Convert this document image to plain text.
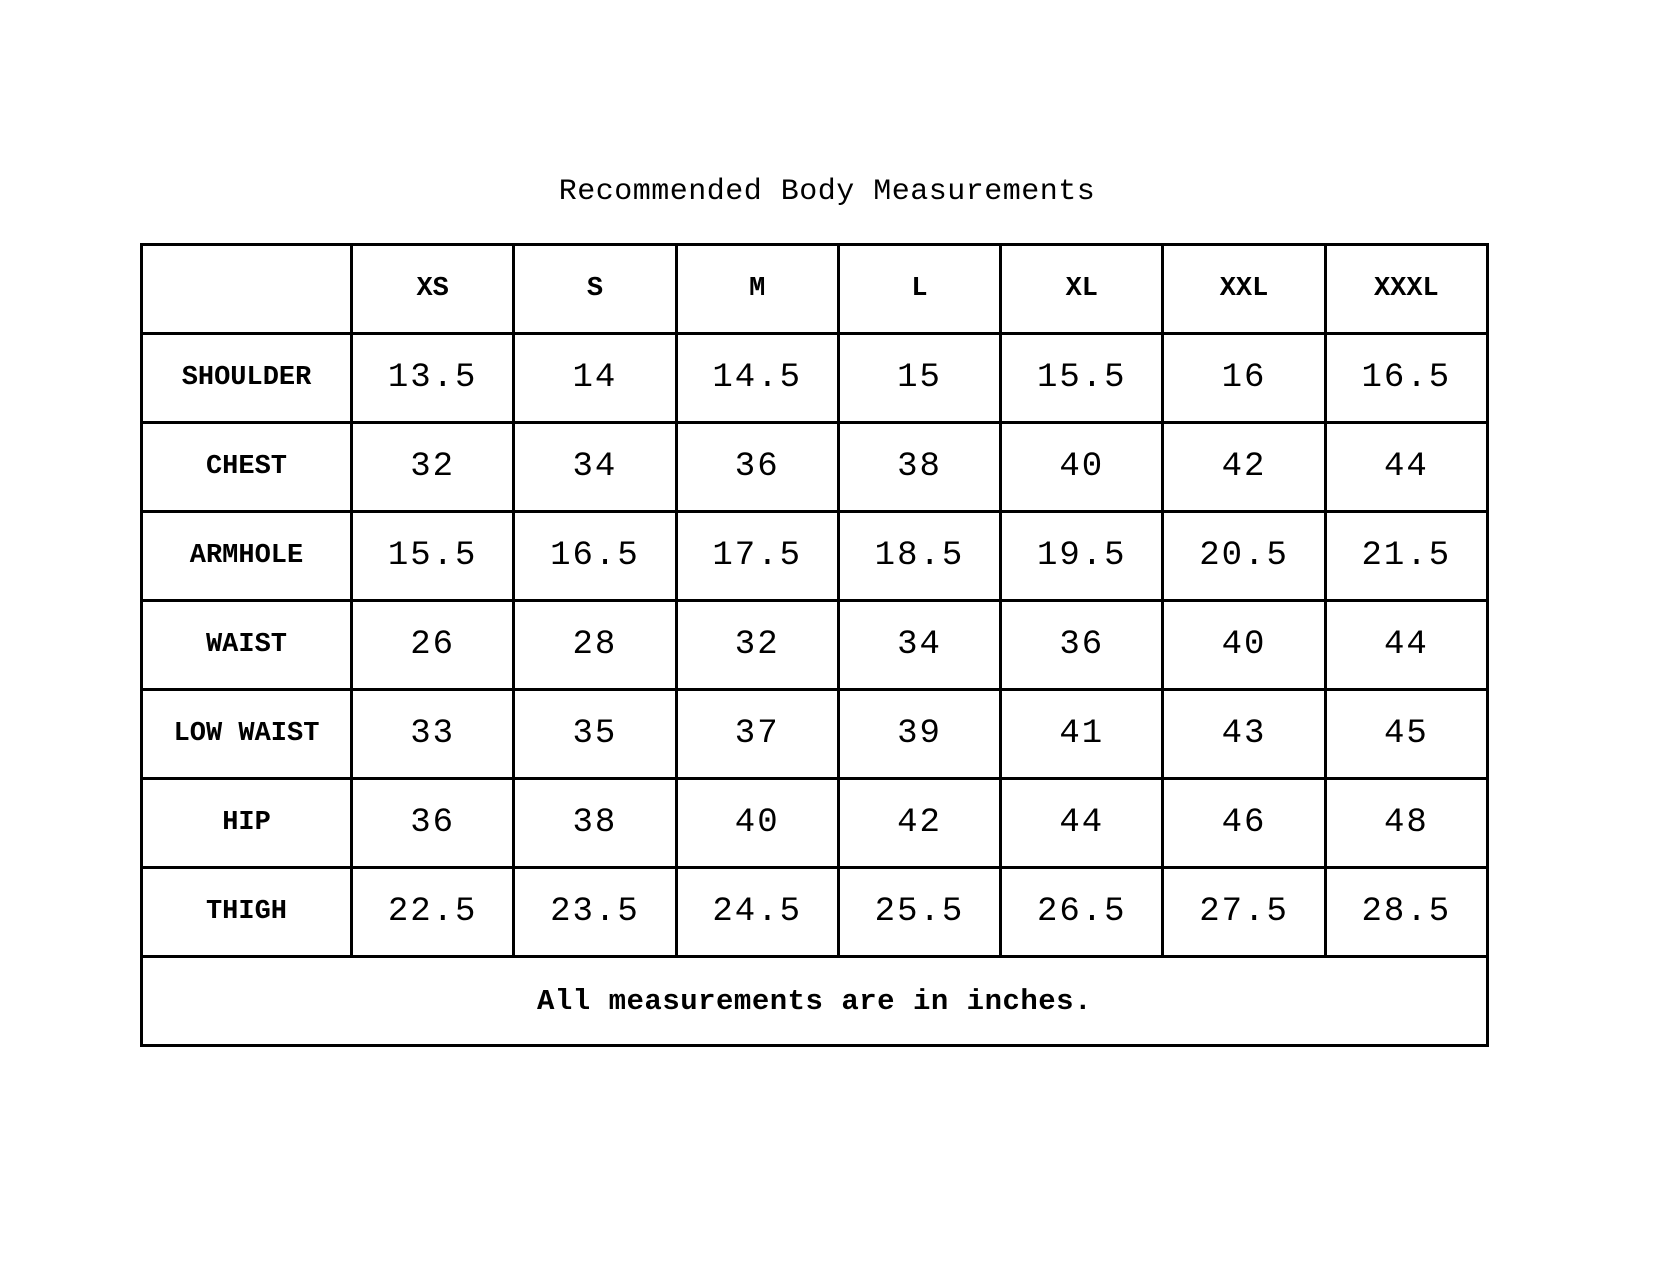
Recommended Body Measurements
	XS	S	M	L	XL	XXL	XXXL
SHOULDER	13.5	14	14.5	15	15.5	16	16.5
CHEST	32	34	36	38	40	42	44
ARMHOLE	15.5	16.5	17.5	18.5	19.5	20.5	21.5
WAIST	26	28	32	34	36	40	44
LOW WAIST	33	35	37	39	41	43	45
HIP	36	38	40	42	44	46	48
THIGH	22.5	23.5	24.5	25.5	26.5	27.5	28.5
All measurements are in inches.							
